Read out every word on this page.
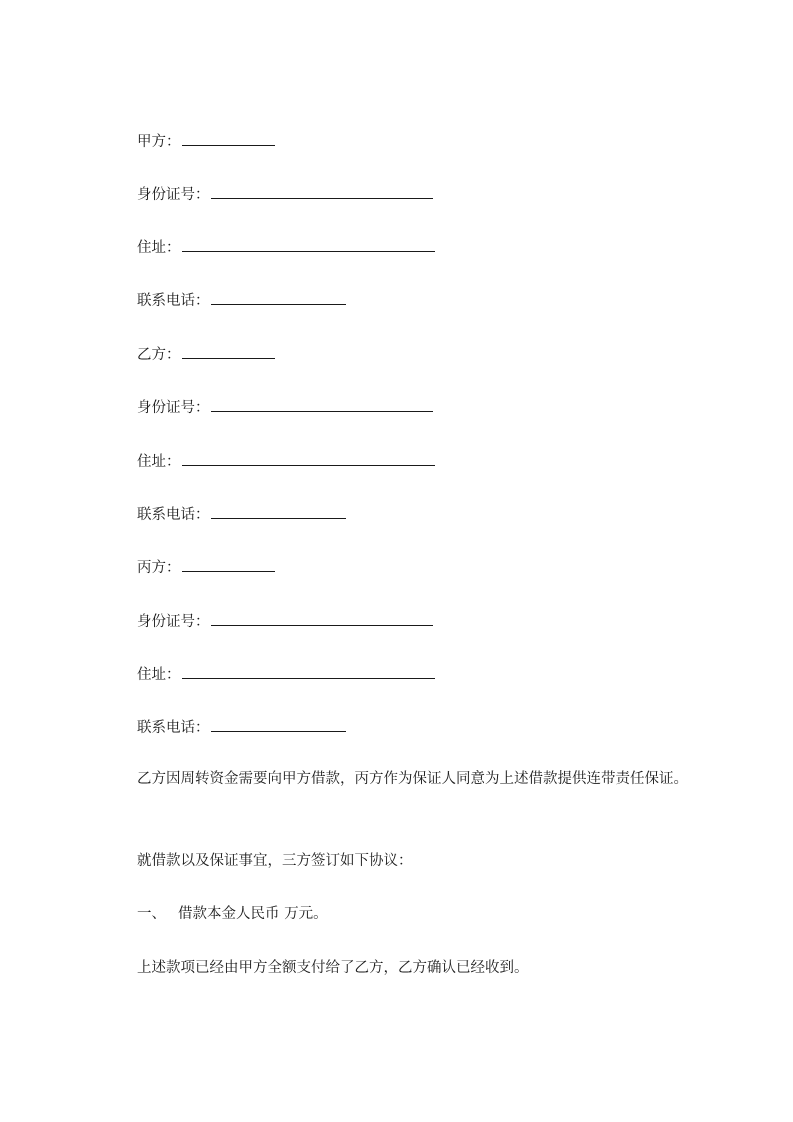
甲方：
身份证号：
住址：
联系电话：
乙方：
身份证号：
住址：
联系电话：
丙方：
身份证号：
住址：
联系电话：
乙方因周转资金需要向甲方借款，丙方作为保证人同意为上述借款提供连带责任保证。
就借款以及保证事宜，三方签订如下协议：
一、 借款本金人民币 万元。
上述款项已经由甲方全额支付给了乙方，乙方确认已经收到。
